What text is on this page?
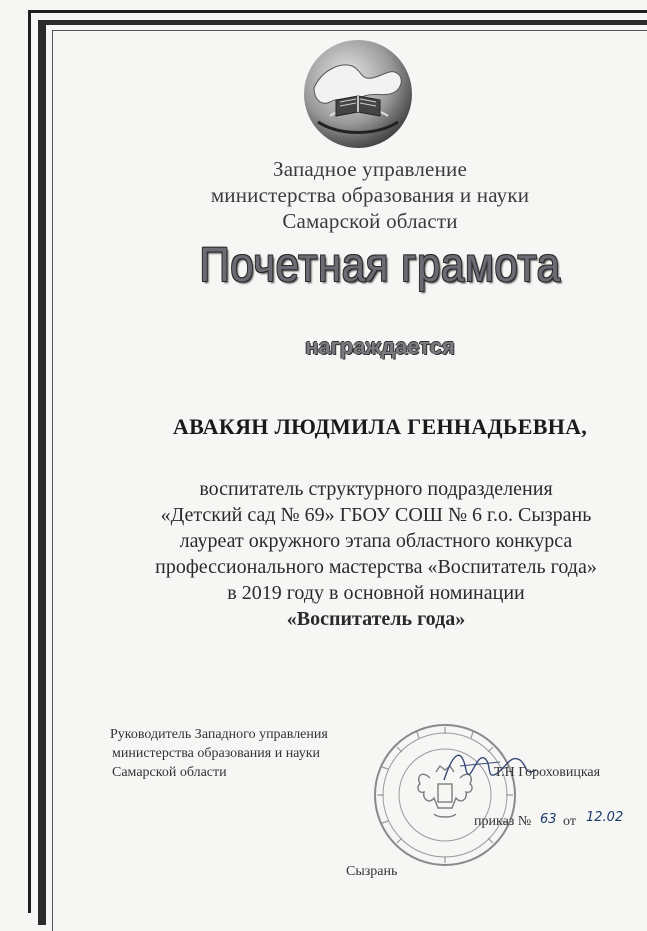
Западное управление
министерства образования и науки
Самарской области
Почетная грамота
награждается
АВАКЯН ЛЮДМИЛА ГЕННАДЬЕВНА,
воспитатель структурного подразделения
«Детский сад № 69» ГБОУ СОШ № 6 г.о. Сызрань
лауреат окружного этапа областного конкурса
профессионального мастерства «Воспитатель года»
в 2019 году в основной номинации
«Воспитатель года»
Руководитель Западного управления
министерства образования и науки
Самарской области	Т.Н Гороховицкая
приказ № 63 от 12.02
Сызрань
